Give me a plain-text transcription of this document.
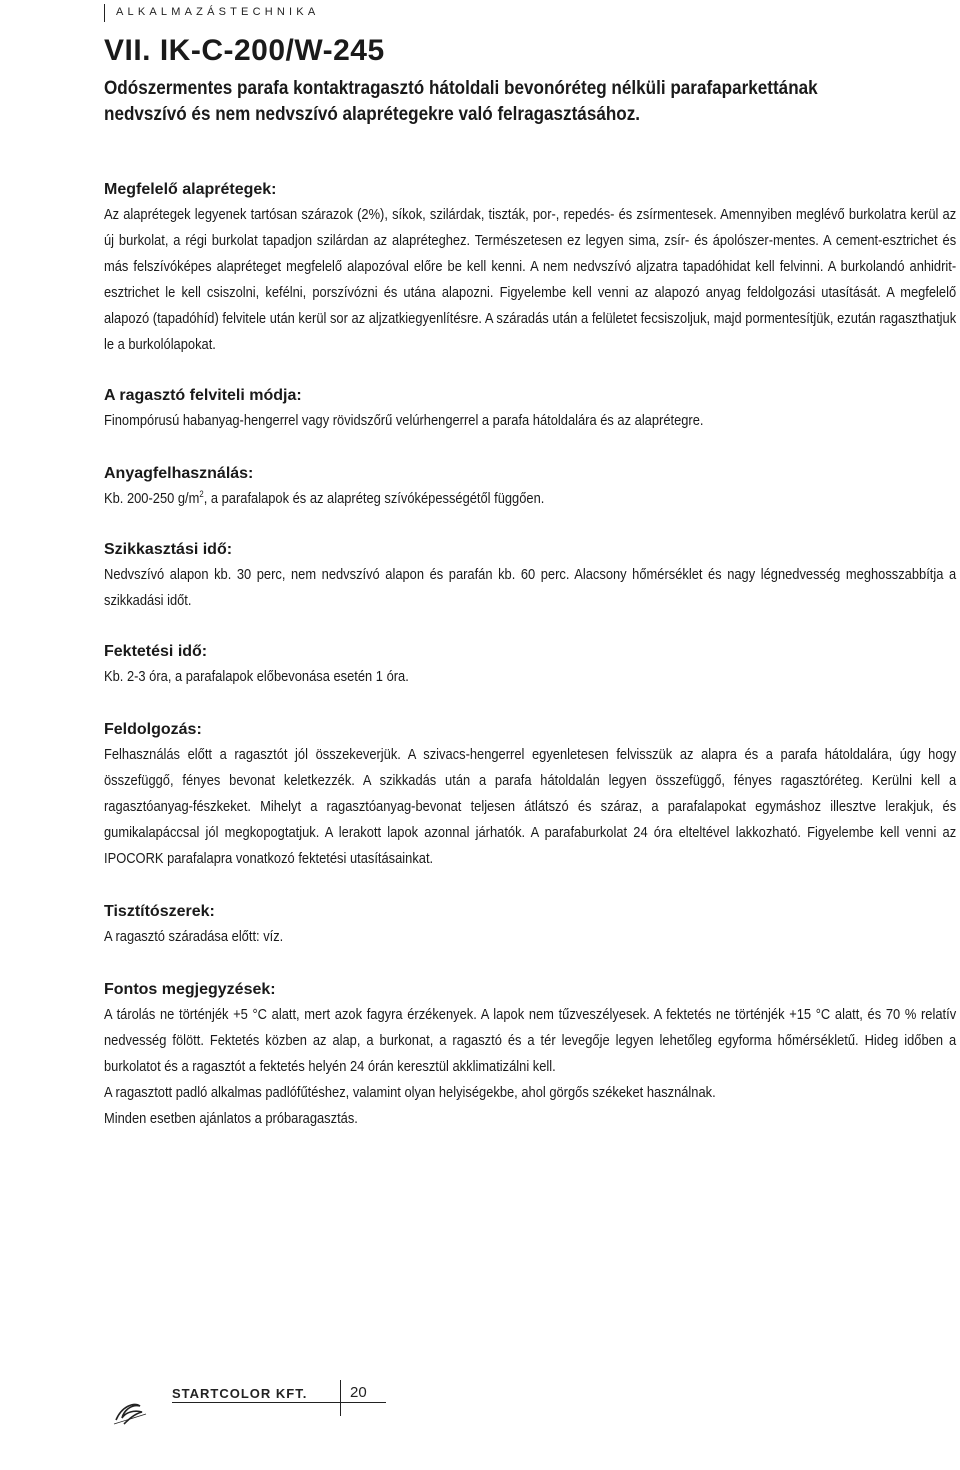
ALKALMAZÁSTECHNIKA
VII. IK-C-200/W-245
Odószermentes parafa kontaktragasztó hátoldali bevonóréteg nélküli parafaparkettának
nedvszívó és nem nedvszívó alaprétegekre való felragasztásához.
Megfelelő alaprétegek:
Az alaprétegek legyenek tartósan szárazok (2%), síkok, szilárdak, tiszták, por-, repedés- és zsírmentesek. Amennyiben meglévő burkolatra kerül az új burkolat, a régi burkolat tapadjon szilárdan az alapréteghez. Természetesen ez legyen sima, zsír- és ápolószer-mentes. A cement-esztrichet és más felszívóképes alapréteget megfelelő alapozóval előre be kell kenni. A nem nedvszívó aljzatra tapadóhidat kell felvinni. A burkolandó anhidrit-esztrichet le kell csiszolni, kefélni, porszívózni és utána alapozni. Figyelembe kell venni az alapozó anyag feldolgozási utasítását. A megfelelő alapozó (tapadóhíd) felvitele után kerül sor az aljzatkiegyenlítésre. A száradás után a felületet fecsiszoljuk, majd pormentesítjük, ezután ragaszthatjuk le a burkolólapokat.
A ragasztó felviteli módja:
Finompórusú habanyag-hengerrel vagy rövidszőrű velúrhengerrel a parafa hátoldalára és az alaprétegre.
Anyagfelhasználás:
Kb. 200-250 $g/m^2$, a parafalapok és az alapréteg szívóképességétől függően.
Szikkasztási idő:
Nedvszívó alapon kb. 30 perc, nem nedvszívó alapon és parafán kb. 60 perc. Alacsony hőmérséklet és nagy légnedvesség meghosszabbítja a szikkadási időt.
Fektetési idő:
Kb. 2-3 óra, a parafalapok előbevonása esetén 1 óra.
Feldolgozás:
Felhasználás előtt a ragasztót jól összekeverjük. A szivacs-hengerrel egyenletesen felvisszük az alapra és a parafa hátoldalára, úgy hogy összefüggő, fényes bevonat keletkezzék. A szikkadás után a parafa hátoldalán legyen összefüggő, fényes ragasztóréteg. Kerülni kell a ragasztóanyag-fészkeket. Mihelyt a ragasztóanyag-bevonat teljesen átlátszó és száraz, a parafalapokat egymáshoz illesztve lerakjuk, és gumikalapáccsal jól megkopogtatjuk. A lerakott lapok azonnal járhatók. A parafaburkolat 24 óra elteltével lakkozható. Figyelembe kell venni az IPOCORK parafalapra vonatkozó fektetési utasításainkat.
Tisztítószerek:
A ragasztó száradása előtt: víz.
Fontos megjegyzések:

A tárolás ne történjék +5 °C alatt, mert azok fagyra érzékenyek. A lapok nem tűzveszélyesek. A fektetés ne történjék +15 °C alatt, és 70 % relatív nedvesség fölött. Fektetés közben az alap, a burkonat, a ragasztó és a tér levegője legyen lehetőleg egyforma hőmérsékletű. Hideg időben a burkolatot és a ragasztót a fektetés helyén 24 órán keresztül akklimatizálni kell.

A ragasztott padló alkalmas padlófűtéshez, valamint olyan helyiségekbe, ahol görgős székeket használnak.

Minden esetben ajánlatos a próbaragasztás.

STARTCOLOR KFT.	20
